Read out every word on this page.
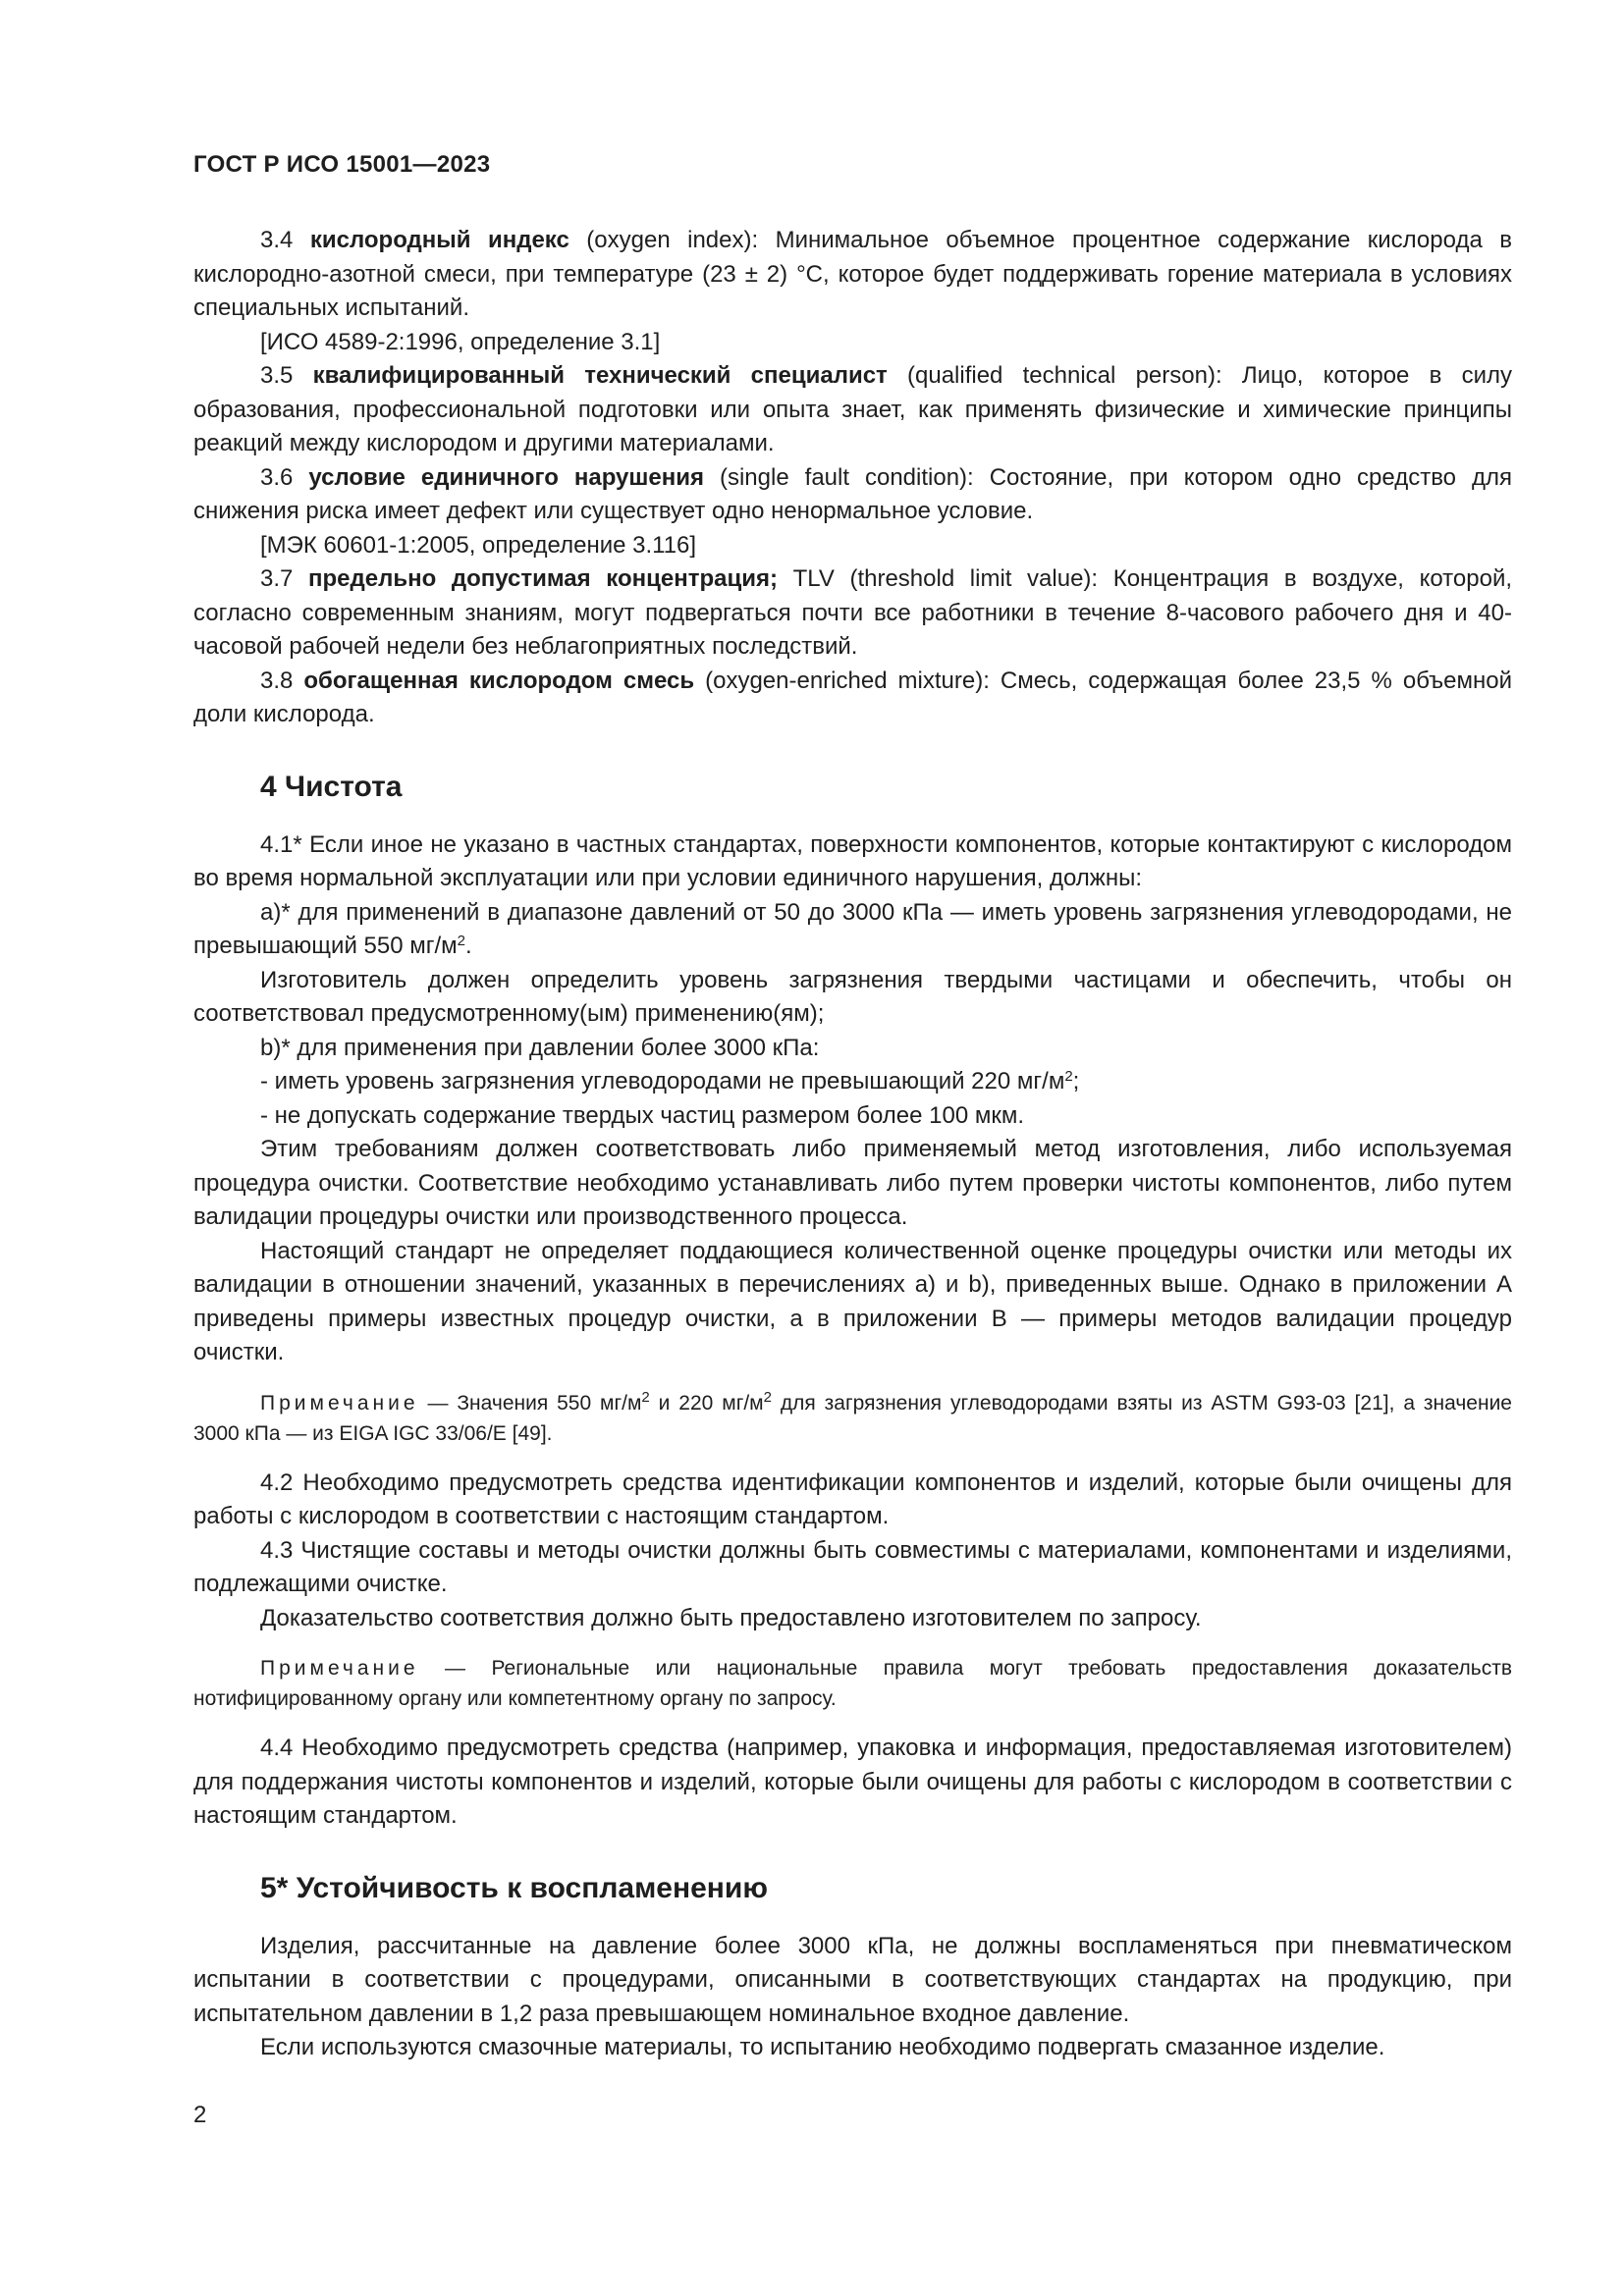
ГОСТ Р ИСО 15001—2023

3.4 кислородный индекс (oxygen index): Минимальное объемное процентное содержание кислорода в кислородно-азотной смеси, при температуре (23 ± 2) °С, которое будет поддерживать горение материала в условиях специальных испытаний.

[ИСО 4589-2:1996, определение 3.1]

3.5 квалифицированный технический специалист (qualified technical person): Лицо, которое в силу образования, профессиональной подготовки или опыта знает, как применять физические и химические принципы реакций между кислородом и другими материалами.

3.6 условие единичного нарушения (single fault condition): Состояние, при котором одно средство для снижения риска имеет дефект или существует одно ненормальное условие.

[МЭК 60601-1:2005, определение 3.116]

3.7 предельно допустимая концентрация; TLV (threshold limit value): Концентрация в воздухе, которой, согласно современным знаниям, могут подвергаться почти все работники в течение 8-часового рабочего дня и 40-часовой рабочей недели без неблагоприятных последствий.

3.8 обогащенная кислородом смесь (oxygen-enriched mixture): Смесь, содержащая более 23,5 % объемной доли кислорода.

4 Чистота

4.1* Если иное не указано в частных стандартах, поверхности компонентов, которые контактируют с кислородом во время нормальной эксплуатации или при условии единичного нарушения, должны:

а)* для применений в диапазоне давлений от 50 до 3000 кПа — иметь уровень загрязнения углеводородами, не превышающий 550 $мг/м^2$.

Изготовитель должен определить уровень загрязнения твердыми частицами и обеспечить, чтобы он соответствовал предусмотренному(ым) применению(ям);

b)* для применения при давлении более 3000 кПа:

- иметь уровень загрязнения углеводородами не превышающий 220 $мг/м^2$;

- не допускать содержание твердых частиц размером более 100 мкм.

Этим требованиям должен соответствовать либо применяемый метод изготовления, либо используемая процедура очистки. Соответствие необходимо устанавливать либо путем проверки чистоты компонентов, либо путем валидации процедуры очистки или производственного процесса.

Настоящий стандарт не определяет поддающиеся количественной оценке процедуры очистки или методы их валидации в отношении значений, указанных в перечислениях а) и b), приведенных выше. Однако в приложении А приведены примеры известных процедур очистки, а в приложении В — примеры методов валидации процедур очистки.

Примечание — Значения 550 $мг/м^2$ и 220 $мг/м^2$ для загрязнения углеводородами взяты из ASTM G93-03 [21], а значение 3000 кПа — из EIGA IGC 33/06/E [49].

4.2 Необходимо предусмотреть средства идентификации компонентов и изделий, которые были очищены для работы с кислородом в соответствии с настоящим стандартом.

4.3 Чистящие составы и методы очистки должны быть совместимы с материалами, компонентами и изделиями, подлежащими очистке.

Доказательство соответствия должно быть предоставлено изготовителем по запросу.

Примечание — Региональные или национальные правила могут требовать предоставления доказательств нотифицированному органу или компетентному органу по запросу.

4.4 Необходимо предусмотреть средства (например, упаковка и информация, предоставляемая изготовителем) для поддержания чистоты компонентов и изделий, которые были очищены для работы с кислородом в соответствии с настоящим стандартом.

5* Устойчивость к воспламенению

Изделия, рассчитанные на давление более 3000 кПа, не должны воспламеняться при пневматическом испытании в соответствии с процедурами, описанными в соответствующих стандартах на продукцию, при испытательном давлении в 1,2 раза превышающем номинальное входное давление.

Если используются смазочные материалы, то испытанию необходимо подвергать смазанное изделие.

2
